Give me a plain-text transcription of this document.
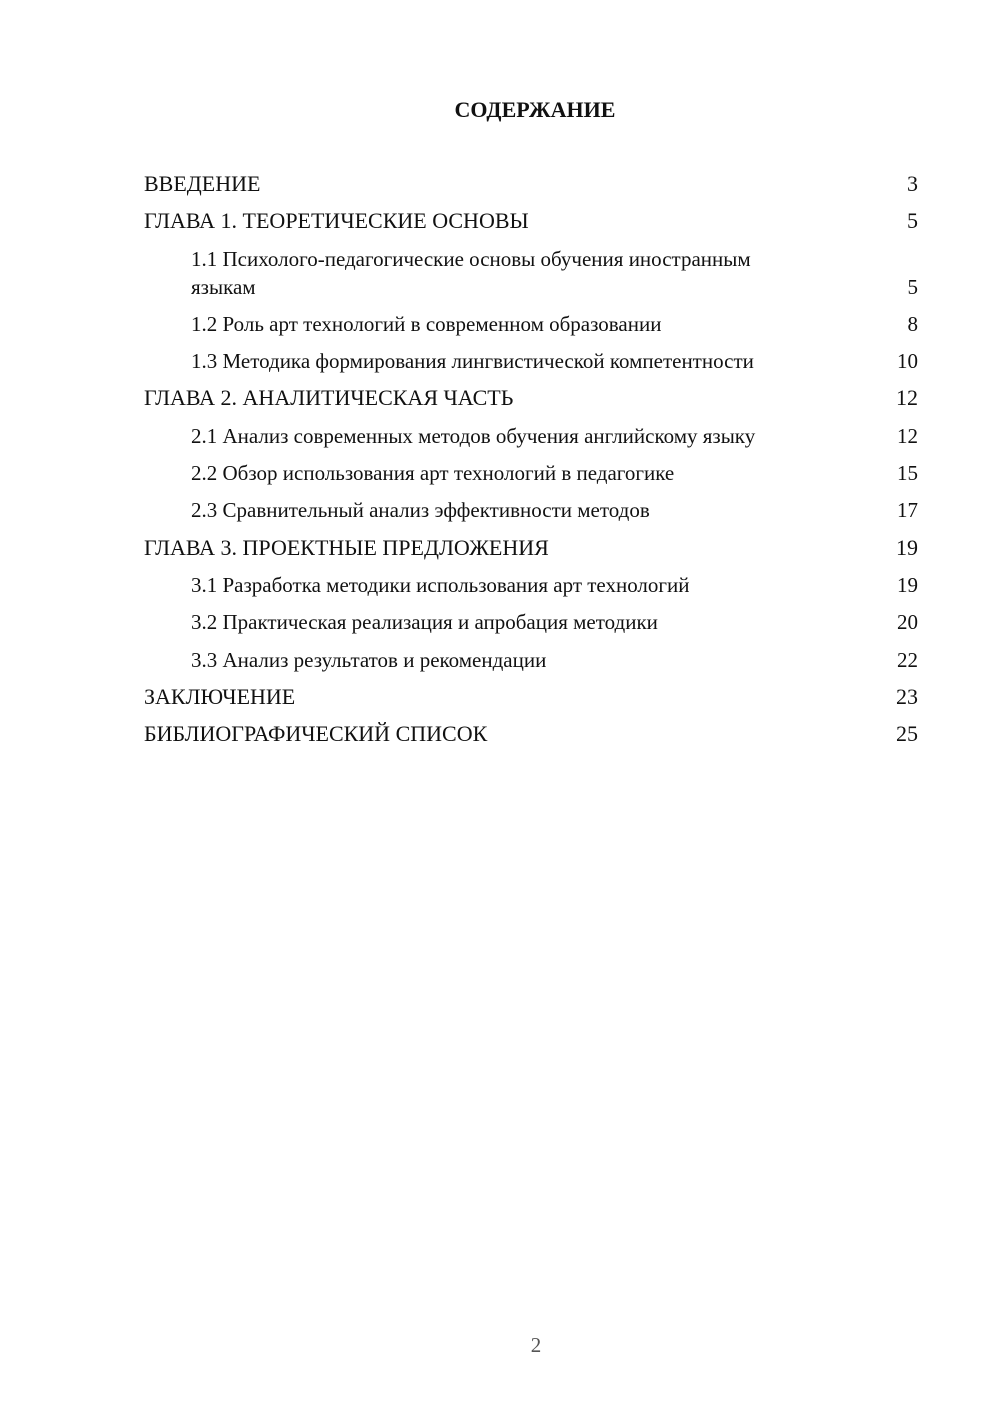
СОДЕРЖАНИЕ
ВВЕДЕНИЕ	3
ГЛАВА 1. ТЕОРЕТИЧЕСКИЕ ОСНОВЫ	5
1.1 Психолого-педагогические основы обучения иностранным языкам	5
1.2 Роль арт технологий в современном образовании	8
1.3 Методика формирования лингвистической компетентности	10
ГЛАВА 2. АНАЛИТИЧЕСКАЯ ЧАСТЬ	12
2.1 Анализ современных методов обучения английскому языку	12
2.2 Обзор использования арт технологий в педагогике	15
2.3 Сравнительный анализ эффективности методов	17
ГЛАВА 3. ПРОЕКТНЫЕ ПРЕДЛОЖЕНИЯ	19
3.1 Разработка методики использования арт технологий	19
3.2 Практическая реализация и апробация методики	20
3.3 Анализ результатов и рекомендации	22
ЗАКЛЮЧЕНИЕ	23
БИБЛИОГРАФИЧЕСКИЙ СПИСОК	25
2
